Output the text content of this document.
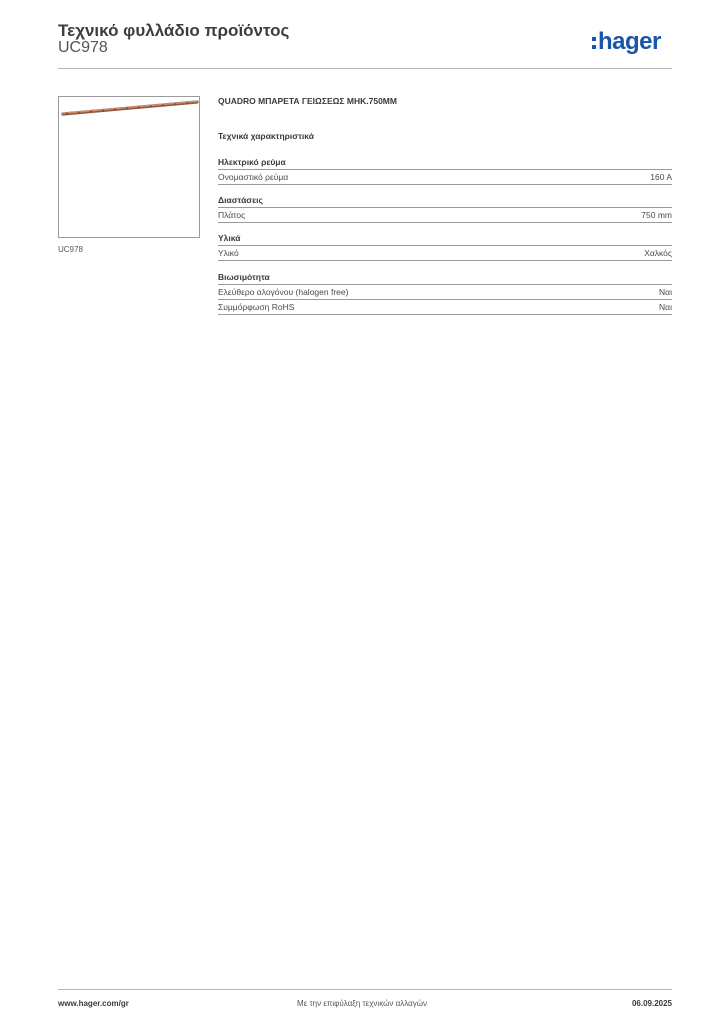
Τεχνικό φυλλάδιο προϊόντος
UC978	hager
UC978
QUADRO ΜΠΑΡΕΤΑ ΓΕΙΩΣΕΩΣ ΜΗΚ.750MM
Τεχνικά χαρακτηριστικά
Ηλεκτρικό ρεύμα
Ονομαστικό ρεύμα	160 A
Διαστάσεις
Πλάτος	750 mm
Υλικά
Υλικό	Χαλκός
Βιωσιμότητα
Ελεύθερο αλογόνου (halogen free)	Ναι
Συμμόρφωση RoHS	Ναι
www.hager.com/gr	Με την επιφύλαξη τεχνικών αλλαγών	06.09.2025
